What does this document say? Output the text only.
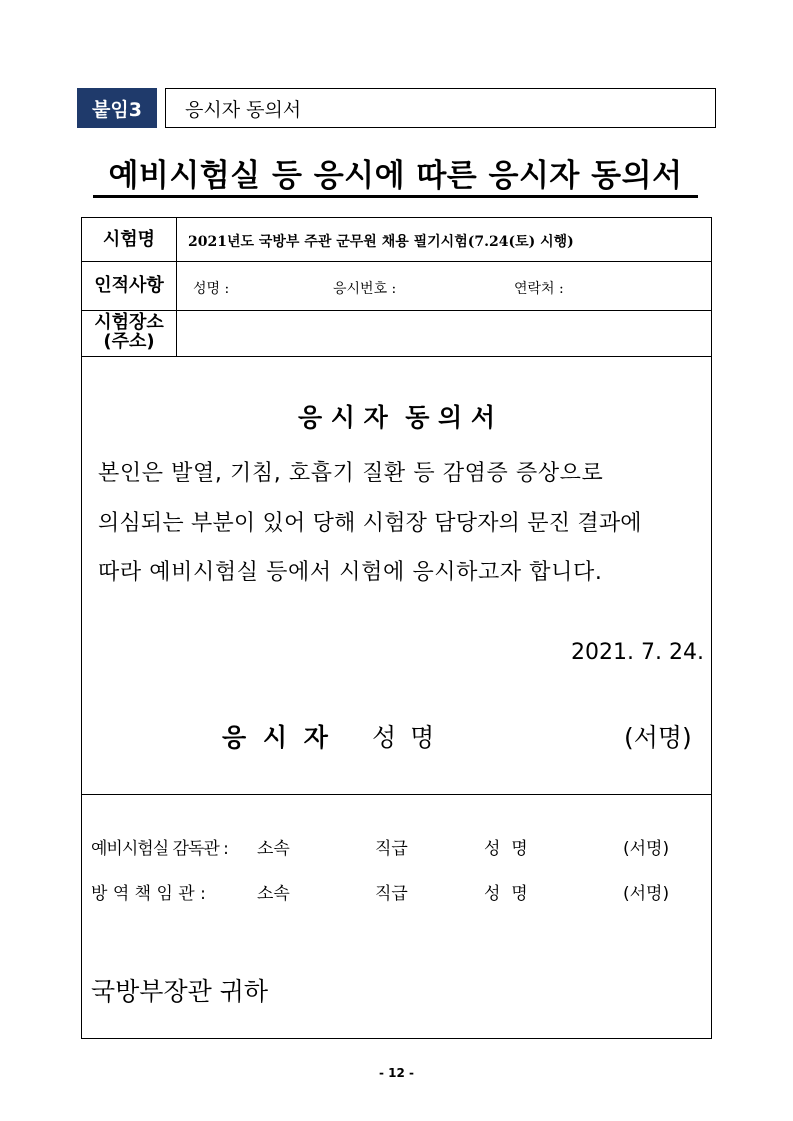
붙임3	응시자 동의서
예비시험실 등 응시에 따른 응시자 동의서
시험명	2021년도 국방부 주관 군무원 채용 필기시험(7.24(토) 시행)
인적사항	성명 :	응시번호 :	연락처 :
시험장소
(주소)
응 시 자  동 의 서
본인은 발열, 기침, 호흡기 질환 등 감염증 증상으로
의심되는 부분이 있어 당해 시험장 담당자의 문진 결과에
따라 예비시험실 등에서 시험에 응시하고자 합니다.
2021. 7. 24.
응 시 자 성 명	(서명)
예비시험실 감독관 : 소속	직급	성  명	(서명)
방 역 책 임 관 :	소속	직급	성  명	(서명)
국방부장관 귀하
- 12 -
